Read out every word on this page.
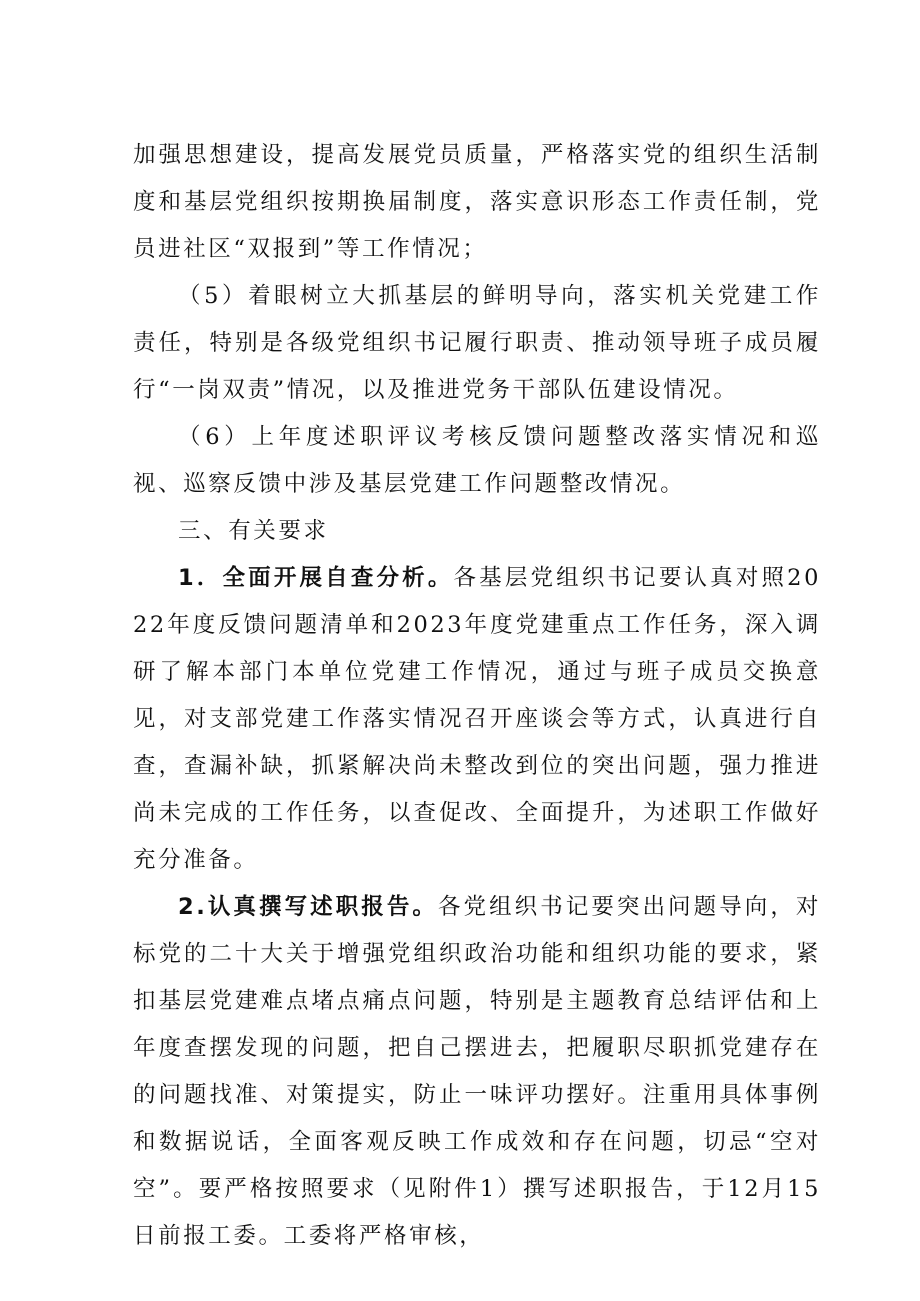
加强思想建设，提高发展党员质量，严格落实党的组织生活制度和基层党组织按期换届制度，落实意识形态工作责任制，党员进社区“双报到”等工作情况；

（5）着眼树立大抓基层的鲜明导向，落实机关党建工作责任，特别是各级党组织书记履行职责、推动领导班子成员履行“一岗双责”情况，以及推进党务干部队伍建设情况。

（6）上年度述职评议考核反馈问题整改落实情况和巡视、巡察反馈中涉及基层党建工作问题整改情况。

三、有关要求

1．全面开展自查分析。各基层党组织书记要认真对照2022年度反馈问题清单和2023年度党建重点工作任务，深入调研了解本部门本单位党建工作情况，通过与班子成员交换意见，对支部党建工作落实情况召开座谈会等方式，认真进行自查，查漏补缺，抓紧解决尚未整改到位的突出问题，强力推进尚未完成的工作任务，以查促改、全面提升，为述职工作做好充分准备。

2.认真撰写述职报告。各党组织书记要突出问题导向，对标党的二十大关于增强党组织政治功能和组织功能的要求，紧扣基层党建难点堵点痛点问题，特别是主题教育总结评估和上年度查摆发现的问题，把自己摆进去，把履职尽职抓党建存在的问题找准、对策提实，防止一味评功摆好。注重用具体事例和数据说话，全面客观反映工作成效和存在问题，切忌“空对空”。要严格按照要求（见附件1）撰写述职报告，于12月15日前报工委。工委将严格审核，
